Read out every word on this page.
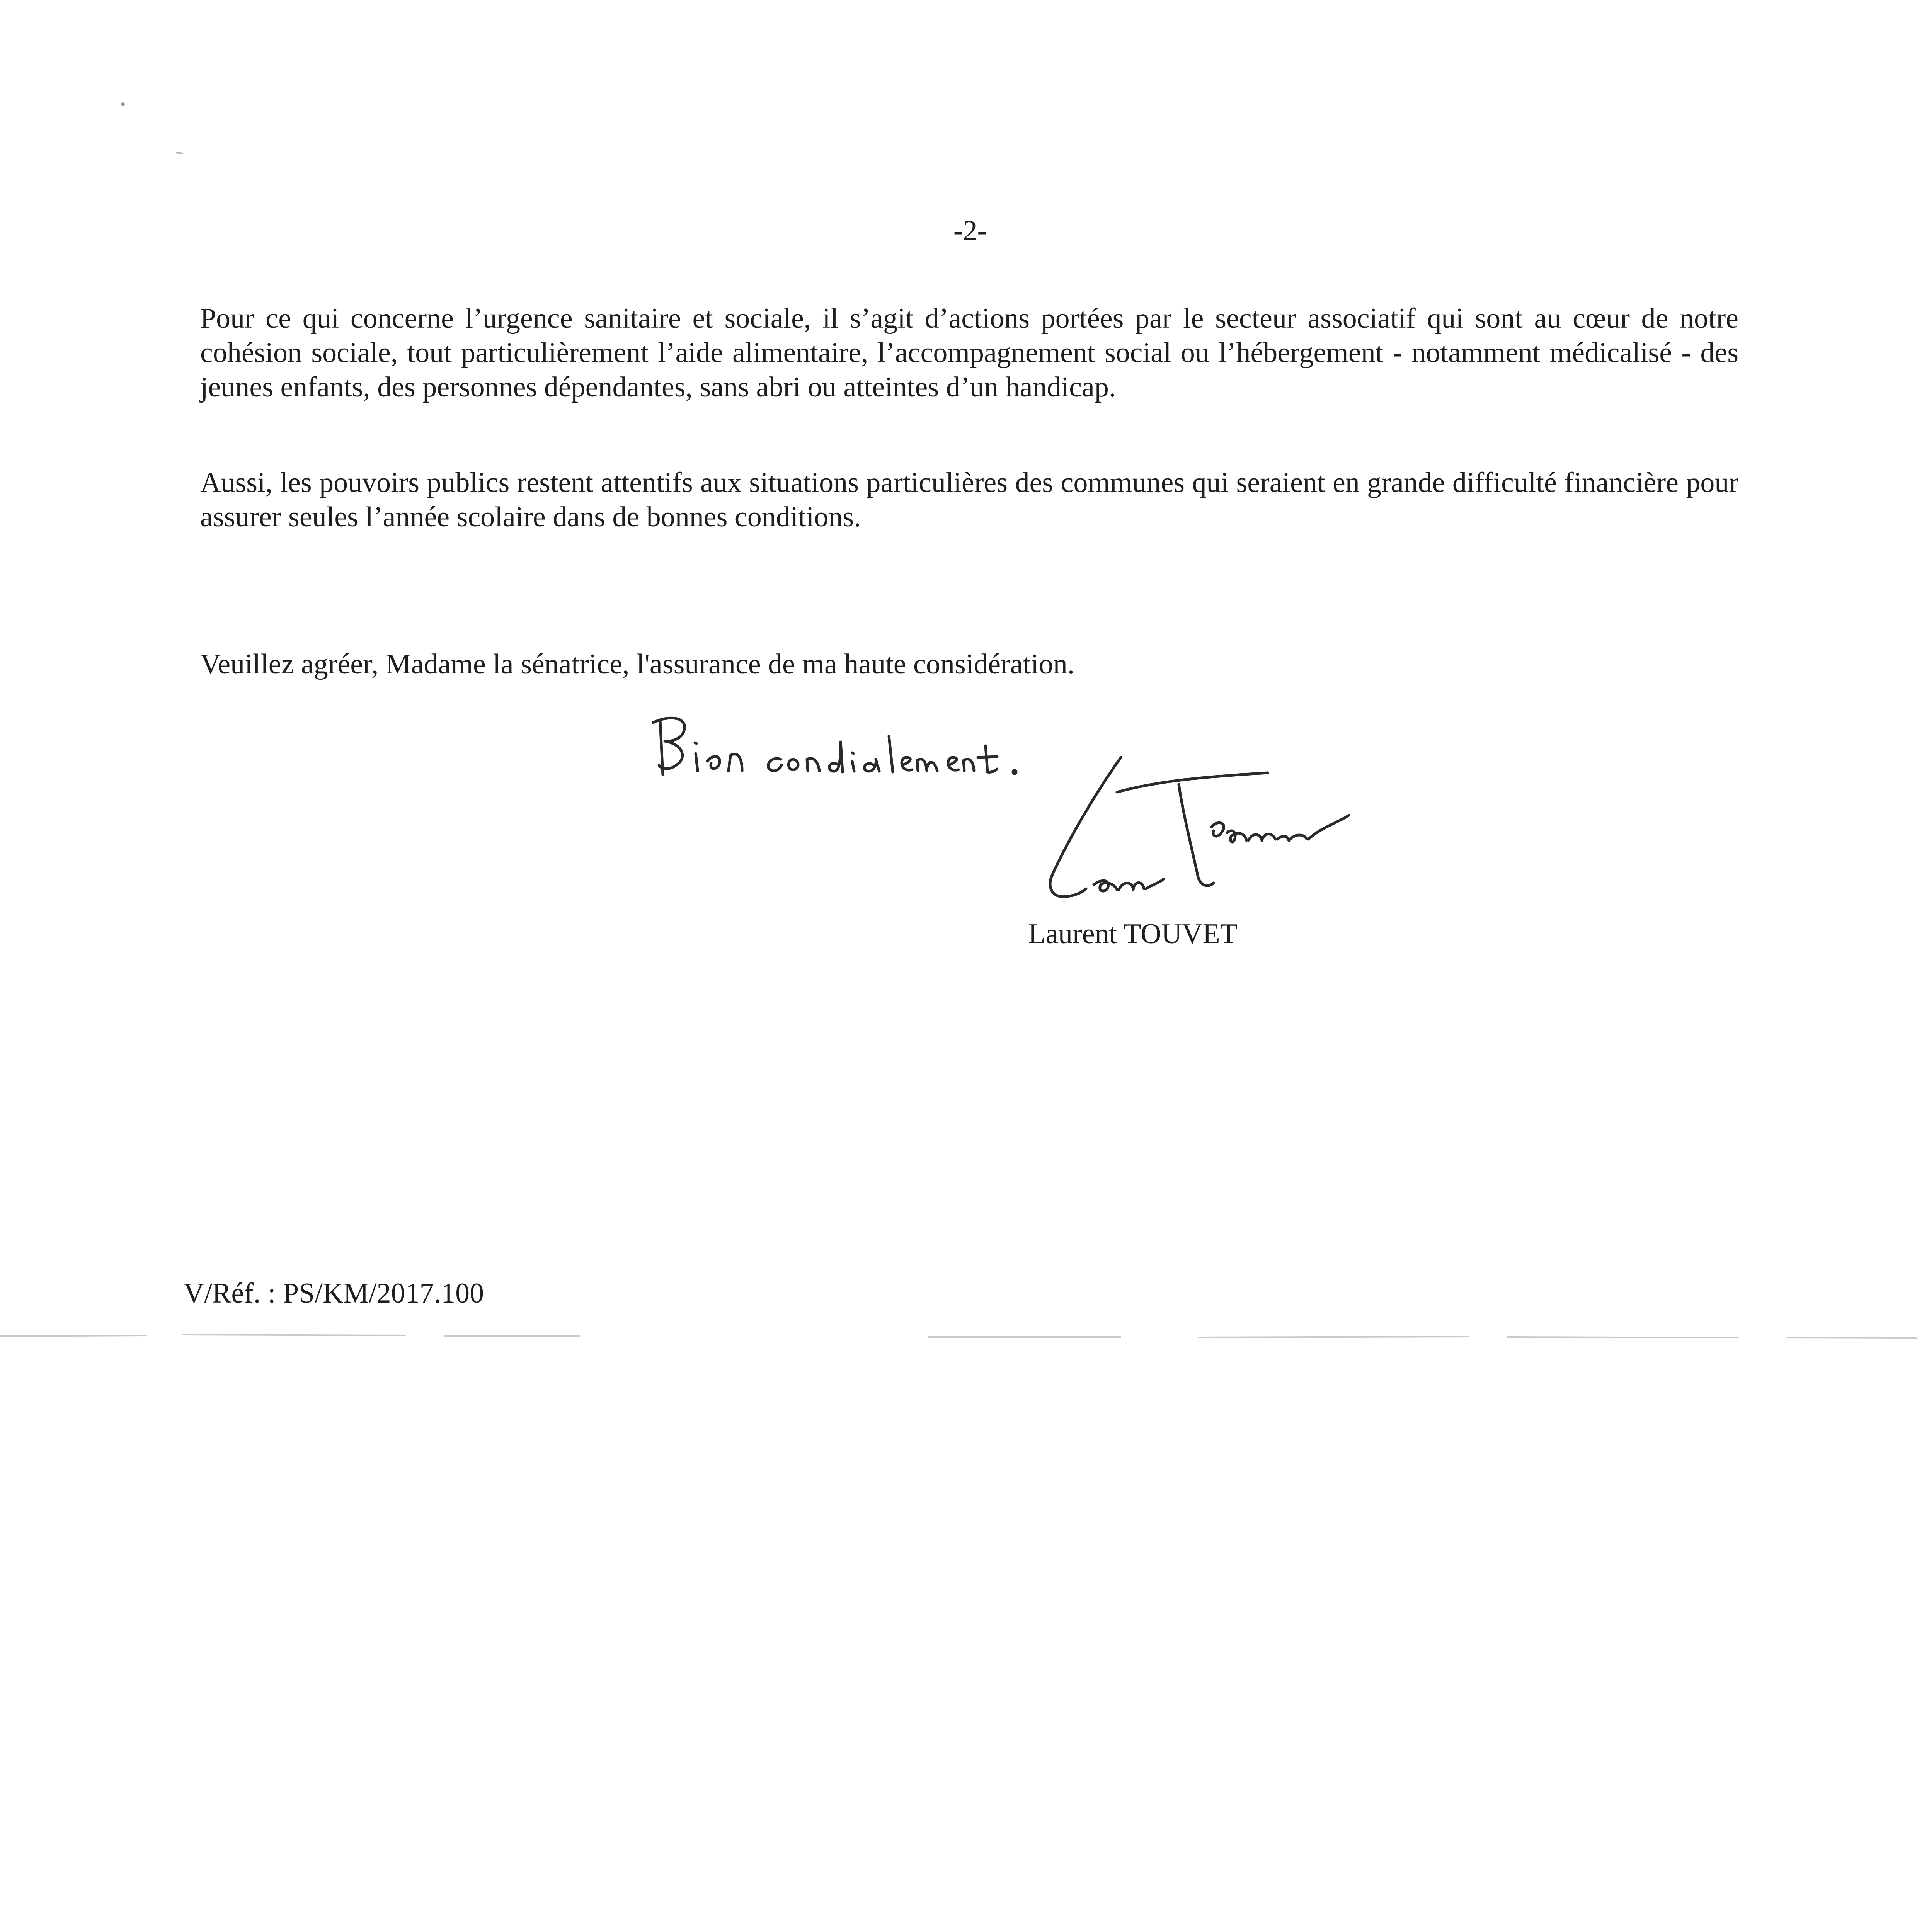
-2-

Pour ce qui concerne l’urgence sanitaire et sociale, il s’agit d’actions portées par le secteur associatif qui sont au cœur de notre cohésion sociale, tout particulièrement l’aide alimentaire, l’accompagnement social ou l’hébergement - notamment médicalisé - des jeunes enfants, des personnes dépendantes, sans abri ou atteintes d’un handicap.

Aussi, les pouvoirs publics restent attentifs aux situations particulières des communes qui seraient en grande difficulté financière pour assurer seules l’année scolaire dans de bonnes conditions.

Veuillez agréer, Madame la sénatrice, l'assurance de ma haute considération.

Laurent TOUVET
V/Réf. : PS/KM/2017.100
